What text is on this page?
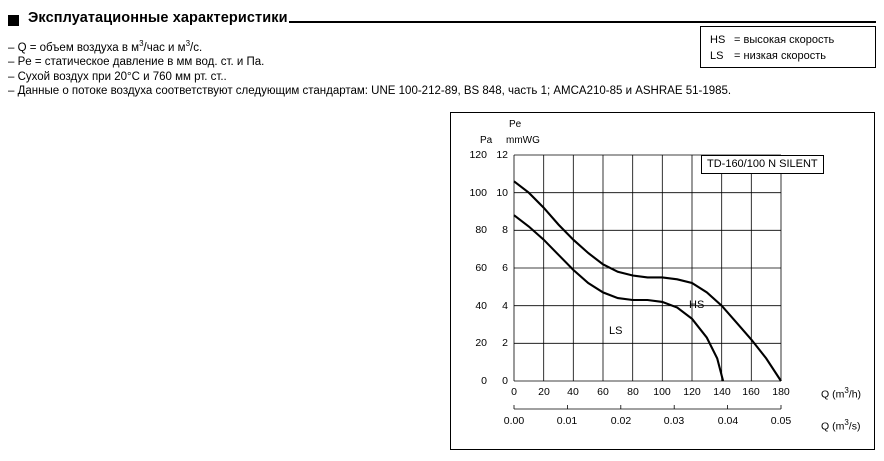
Эксплуатационные характеристики
– Q = объем воздуха в $м^3$/час и $м^3/с$.
– Pe = статическое давление в мм вод. ст. и Па.
– Сухой воздух при 20°C и 760 мм рт. ст..
– Данные о потоке воздуха соответствуют следующим стандартам: UNE 100-212-89, BS 848, часть 1; AMCA210-85 и ASHRAE 51-1985.
HS = высокая скорость
LS = низкая скорость
Pe
Pa mmWG
120
100
80
60
40
20
0
12
10
8
6
4
2
0
0	20 40 60 80 100 120 140 160 180
0.00	0.01	0.02	0.03	0.04	0.05
HS
LS
TD-160/100 N SILENT
Q $(m^3/h)$
Q $(m^3/s)$
